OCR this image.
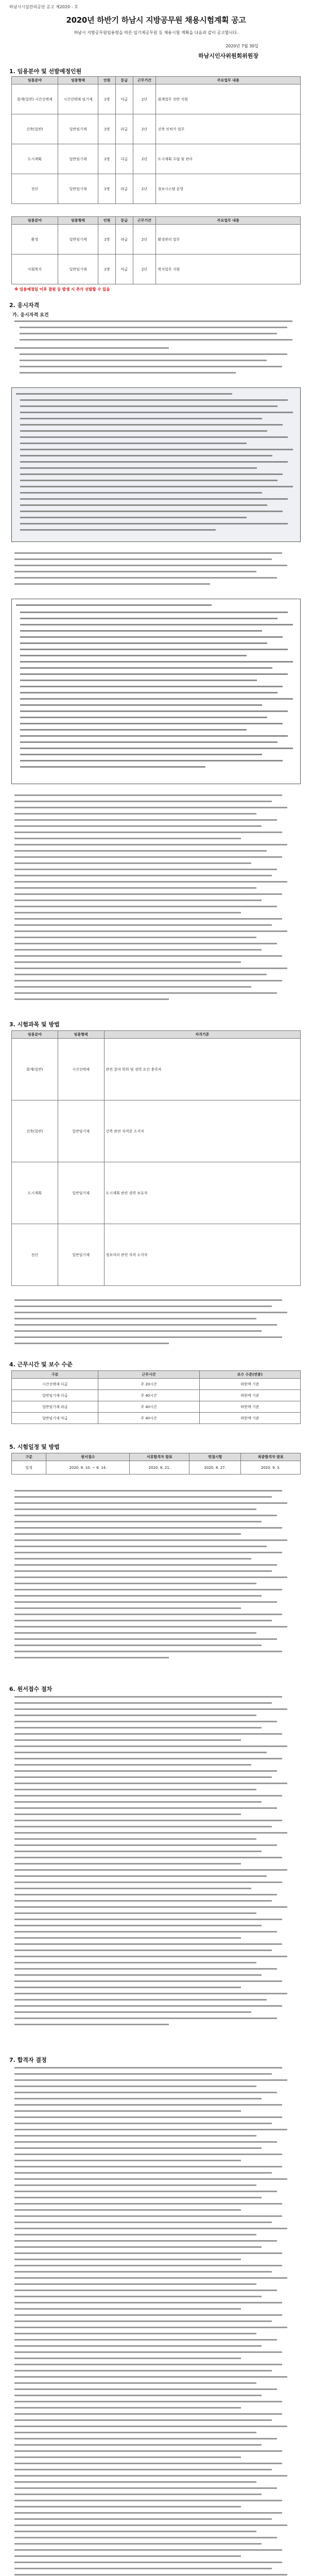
하남시시설관리공단 공고 제2020 - 호
2020년 하반기 하남시 지방공무원 채용시험계획 공고
하남시 지방공무원임용령을 따른 임기제공무원 등 채용시험 계획을 다음과 같이 공고합니다.
2020년 7월 30일
하남시인사위원회위원장
1. 임용분야 및 선발예정인원
임용분야	임용형태	인원	등급	근무기간	주요업무 내용
회계(일반) 시간선택제	시간선택제 임기제	1명	다급	2년	회계업무 전반 지원
건축(일반)	일반임기제	1명	라급	2년	건축 인허가 업무
도시계획	일반임기제	1명	다급	2년	도시계획 수립 및 관리
전산	일반임기제	1명	라급	2년	정보시스템 운영
임용분야	임용형태	인원	등급	근무기간	주요업무 내용
환경	일반임기제	1명	라급	2년	환경관리 업무
사회복지	일반임기제	1명	마급	2년	복지업무 지원
※ 임용예정일 이후 결원 등 발생 시 추가 선발할 수 있음
2. 응시자격
가. 응시자격 요건
3. 시험과목 및 방법
임용분야	임용형태	자격기준
회계(일반)	시간선택제	관련 분야 학위 및 경력 요건 충족자
건축(일반)	일반임기제	건축 관련 자격증 소지자
도시계획	일반임기제	도시계획 관련 경력 보유자
전산	일반임기제	정보처리 관련 자격 소지자
4. 근무시간 및 보수 수준
구분	근무시간	보수 수준(연봉)
시간선택제 다급	주 20시간	하한액 기준
일반임기제 다급	주 40시간	하한액 기준
일반임기제 라급	주 40시간	하한액 기준
일반임기제 마급	주 40시간	하한액 기준
5. 시험일정 및 방법
구분	원서접수	서류합격자 발표	면접시험	최종합격자 발표
일정	2020. 8. 10. ~ 8. 14.	2020. 8. 21.	2020. 8. 27.	2020. 9. 3.
6. 원서접수 절차
7. 합격자 결정
